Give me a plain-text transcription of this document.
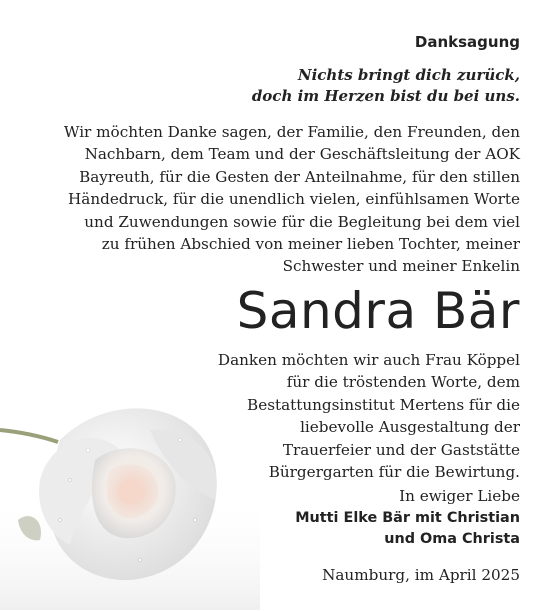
Danksagung
Nichts bringt dich zurück,
doch im Herzen bist du bei uns.
Wir möchten Danke sagen, der Familie, den Freunden, den
Nachbarn, dem Team und der Geschäftsleitung der AOK
Bayreuth, für die Gesten der Anteilnahme, für den stillen
Händedruck, für die unendlich vielen, einfühlsamen Worte
und Zuwendungen sowie für die Begleitung bei dem viel
zu frühen Abschied von meiner lieben Tochter, meiner
Schwester und meiner Enkelin
Sandra Bär
Danken möchten wir auch Frau Köppel
für die tröstenden Worte, dem
Bestattungsinstitut Mertens für die
liebevolle Ausgestaltung der
Trauerfeier und der Gaststätte
Bürgergarten für die Bewirtung.
In ewiger Liebe
Mutti Elke Bär mit Christian
und Oma Christa
Naumburg, im April 2025
